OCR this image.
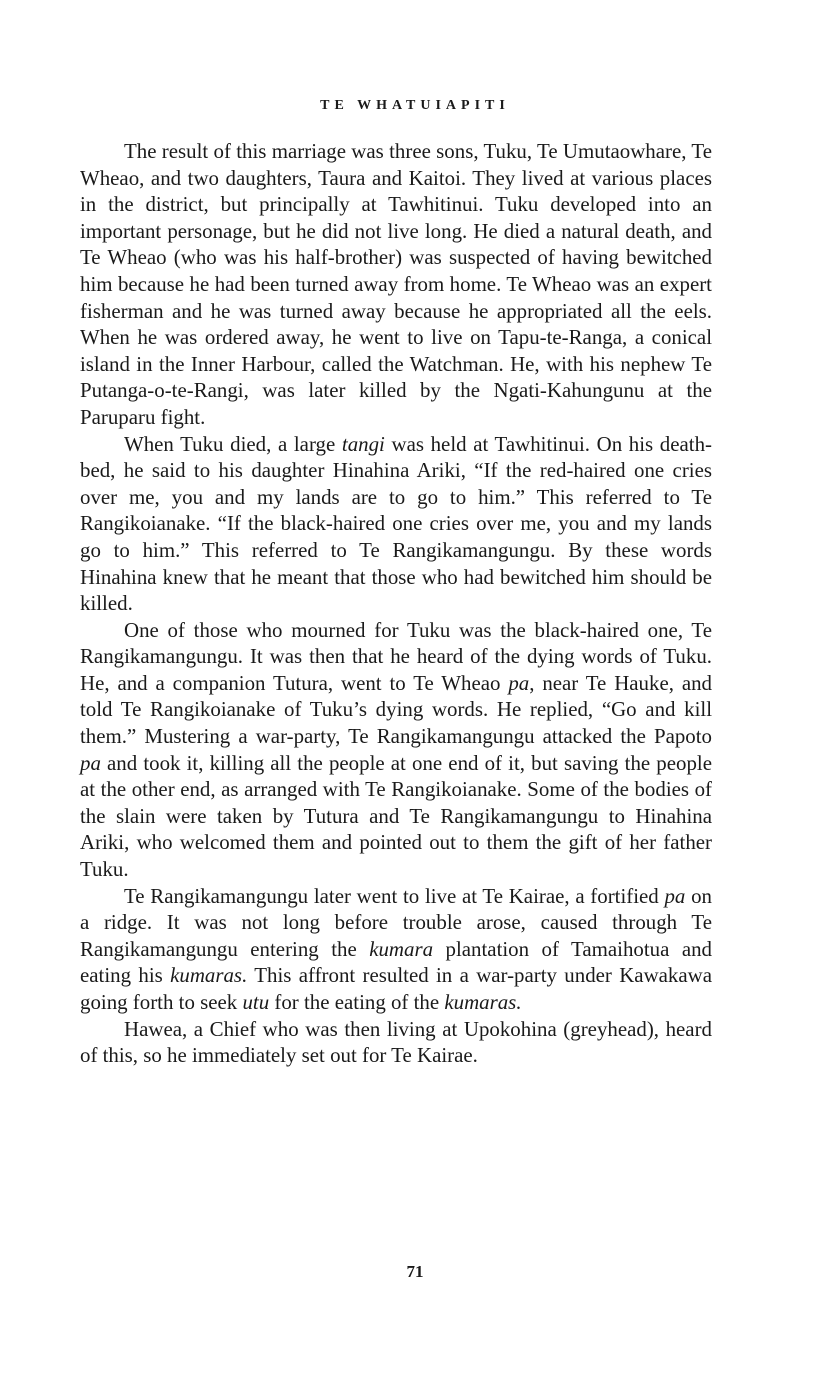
TE WHATUIAPITI

The result of this marriage was three sons, Tuku, Te Umutaowhare, Te Wheao, and two daughters, Taura and Kaitoi. They lived at various places in the district, but principally at Tawhitinui. Tuku developed into an important personage, but he did not live long. He died a natural death, and Te Wheao (who was his half-brother) was suspected of having bewitched him because he had been turned away from home. Te Wheao was an expert fisherman and he was turned away because he appropriated all the eels. When he was ordered away, he went to live on Tapu-te-Ranga, a conical island in the Inner Harbour, called the Watchman. He, with his nephew Te Putanga-o-te-Rangi, was later killed by the Ngati-Kahungunu at the Paruparu fight.

When Tuku died, a large tangi was held at Tawhitinui. On his death-bed, he said to his daughter Hinahina Ariki, “If the red-haired one cries over me, you and my lands are to go to him.” This referred to Te Rangikoianake. “If the black-haired one cries over me, you and my lands go to him.” This referred to Te Rangikamangungu. By these words Hinahina knew that he meant that those who had bewitched him should be killed.

One of those who mourned for Tuku was the black-haired one, Te Rangikamangungu. It was then that he heard of the dying words of Tuku. He, and a companion Tutura, went to Te Wheao pa, near Te Hauke, and told Te Rangikoianake of Tuku’s dying words. He replied, “Go and kill them.” Mustering a war-party, Te Rangikamangungu attacked the Papoto pa and took it, killing all the people at one end of it, but saving the people at the other end, as arranged with Te Rangikoianake. Some of the bodies of the slain were taken by Tutura and Te Rangikamangungu to Hinahina Ariki, who welcomed them and pointed out to them the gift of her father Tuku.

Te Rangikamangungu later went to live at Te Kairae, a fortified pa on a ridge. It was not long before trouble arose, caused through Te Rangikamangungu entering the kumara plantation of Tamaihotua and eating his kumaras. This affront resulted in a war-party under Kawakawa going forth to seek utu for the eating of the kumaras.

Hawea, a Chief who was then living at Upokohina (greyhead), heard of this, so he immediately set out for Te Kairae.

71
